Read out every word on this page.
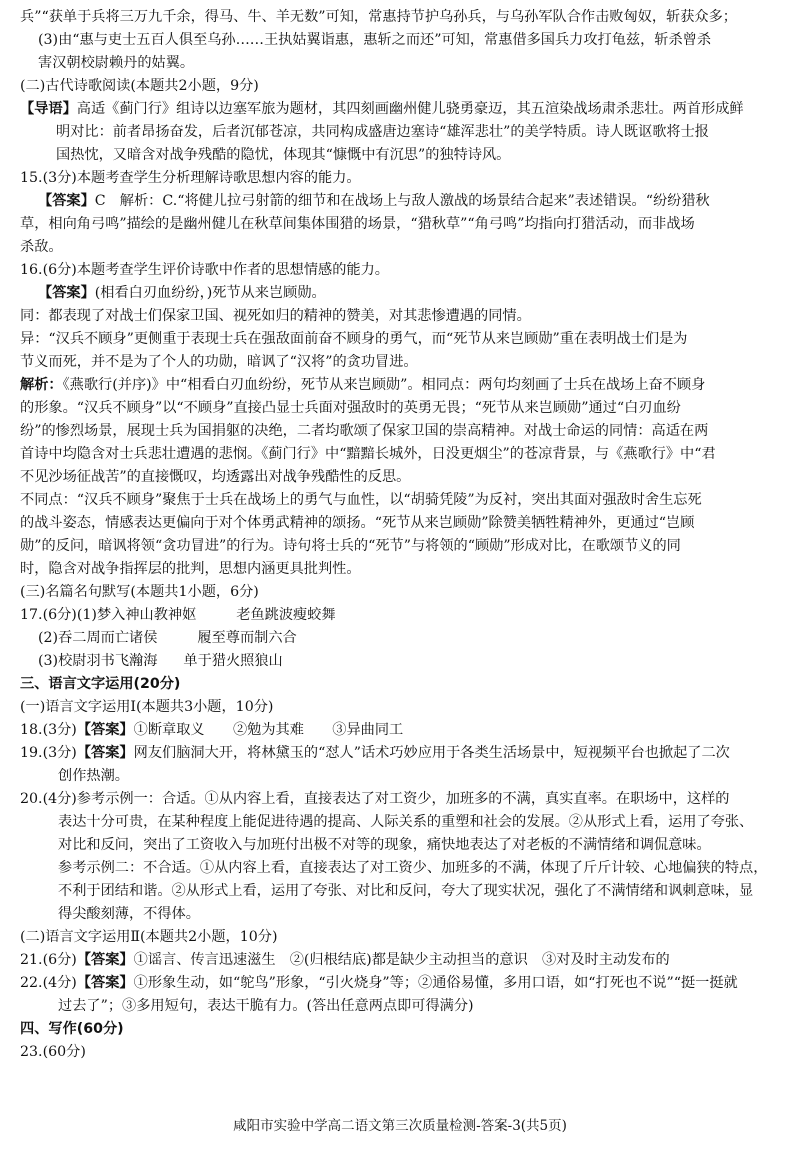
兵”“获单于兵将三万九千余，得马、牛、羊无数”可知，常惠持节护乌孙兵，与乌孙军队合作击败匈奴，斩获众多；
(3)由“惠与吏士五百人俱至乌孙……王执姑翼诣惠，惠斩之而还”可知，常惠借多国兵力攻打龟兹，斩杀曾杀
害汉朝校尉赖丹的姑翼。
(二)古代诗歌阅读(本题共2小题，9分)
【导语】高适《蓟门行》组诗以边塞军旅为题材，其四刻画幽州健儿骁勇豪迈，其五渲染战场肃杀悲壮。两首形成鲜
明对比：前者昂扬奋发，后者沉郁苍凉，共同构成盛唐边塞诗“雄浑悲壮”的美学特质。诗人既讴歌将士报
国热忱，又暗含对战争残酷的隐忧，体现其“慷慨中有沉思”的独特诗风。
15.(3分)本题考查学生分析理解诗歌思想内容的能力。
【答案】C　解析：C.“将健儿拉弓射箭的细节和在战场上与敌人激战的场景结合起来”表述错误。“纷纷猎秋
草，相向角弓鸣”描绘的是幽州健儿在秋草间集体围猎的场景，“猎秋草”“角弓鸣”均指向打猎活动，而非战场
杀敌。
16.(6分)本题考查学生评价诗歌中作者的思想情感的能力。
【答案】(相看白刃血纷纷，)死节从来岂顾勋。
同：都表现了对战士们保家卫国、视死如归的精神的赞美，对其悲惨遭遇的同情。
异：“汉兵不顾身”更侧重于表现士兵在强敌面前奋不顾身的勇气，而“死节从来岂顾勋”重在表明战士们是为
节义而死，并不是为了个人的功勋，暗讽了“汉将”的贪功冒进。
解析：《燕歌行(并序)》中“相看白刃血纷纷，死节从来岂顾勋”。相同点：两句均刻画了士兵在战场上奋不顾身
的形象。“汉兵不顾身”以“不顾身”直接凸显士兵面对强敌时的英勇无畏；“死节从来岂顾勋”通过“白刃血纷
纷”的惨烈场景，展现士兵为国捐躯的决绝，二者均歌颂了保家卫国的崇高精神。对战士命运的同情：高适在两
首诗中均隐含对士兵悲壮遭遇的悲悯。《蓟门行》中“黯黯长城外，日没更烟尘”的苍凉背景，与《燕歌行》中“君
不见沙场征战苦”的直接慨叹，均透露出对战争残酷性的反思。
不同点：“汉兵不顾身”聚焦于士兵在战场上的勇气与血性，以“胡骑凭陵”为反衬，突出其面对强敌时舍生忘死
的战斗姿态，情感表达更偏向于对个体勇武精神的颂扬。“死节从来岂顾勋”除赞美牺牲精神外，更通过“岂顾
勋”的反问，暗讽将领“贪功冒进”的行为。诗句将士兵的“死节”与将领的“顾勋”形成对比，在歌颂节义的同
时，隐含对战争指挥层的批判，思想内涵更具批判性。
(三)名篇名句默写(本题共1小题，6分)
17.(6分)(1)梦入神山教神妪	老鱼跳波瘦蛟舞
(2)吞二周而亡诸侯	履至尊而制六合
(3)校尉羽书飞瀚海 单于猎火照狼山
三、语言文字运用(20分)
(一)语言文字运用Ⅰ(本题共3小题，10分)
18.(3分)【答案】①断章取义　　②勉为其难　　③异曲同工
19.(3分)【答案】网友们脑洞大开，将林黛玉的“怼人”话术巧妙应用于各类生活场景中，短视频平台也掀起了二次
创作热潮。
20.(4分)参考示例一：合适。①从内容上看，直接表达了对工资少，加班多的不满，真实直率。在职场中，这样的
表达十分可贵，在某种程度上能促进待遇的提高、人际关系的重塑和社会的发展。②从形式上看，运用了夸张、
对比和反问，突出了工资收入与加班付出极不对等的现象，痛快地表达了对老板的不满情绪和调侃意味。
参考示例二：不合适。①从内容上看，直接表达了对工资少、加班多的不满，体现了斤斤计较、心地偏狭的特点，
不利于团结和谐。②从形式上看，运用了夸张、对比和反问，夸大了现实状况，强化了不满情绪和讽刺意味，显
得尖酸刻薄，不得体。
(二)语言文字运用Ⅱ(本题共2小题，10分)
21.(6分)【答案】①谣言、传言迅速滋生　②(归根结底)都是缺少主动担当的意识　③对及时主动发布的
22.(4分)【答案】①形象生动，如“鸵鸟”形象，“引火烧身”等；②通俗易懂，多用口语，如“打死也不说”“挺一挺就
过去了”；③多用短句，表达干脆有力。(答出任意两点即可得满分)
四、写作(60分)
23.(60分)
咸阳市实验中学高二语文第三次质量检测-答案-3(共5页)
